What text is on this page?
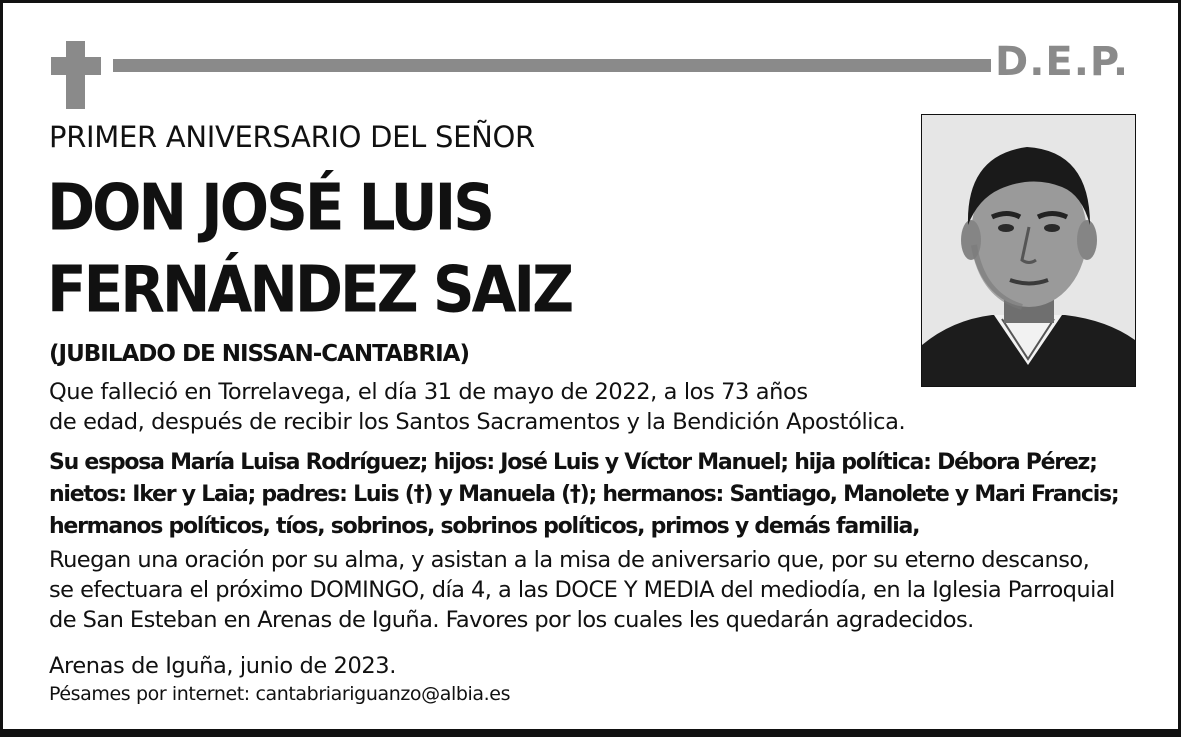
D.E.P.
PRIMER ANIVERSARIO DEL SEÑOR
DON JOSÉ LUIS
FERNÁNDEZ SAIZ
(JUBILADO DE NISSAN-CANTABRIA)
Que falleció en Torrelavega, el día 31 de mayo de 2022, a los 73 años
de edad, después de recibir los Santos Sacramentos y la Bendición Apostólica.
Su esposa María Luisa Rodríguez; hijos: José Luis y Víctor Manuel; hija política: Débora Pérez;
nietos: Iker y Laia; padres: Luis (†) y Manuela (†); hermanos: Santiago, Manolete y Mari Francis;
hermanos políticos, tíos, sobrinos, sobrinos políticos, primos y demás familia,
Ruegan una oración por su alma, y asistan a la misa de aniversario que, por su eterno descanso,
se efectuara el próximo DOMINGO, día 4, a las DOCE Y MEDIA del mediodía, en la Iglesia Parroquial
de San Esteban en Arenas de Iguña. Favores por los cuales les quedarán agradecidos.
Arenas de Iguña, junio de 2023.
Pésames por internet: cantabriariguanzo@albia.es
